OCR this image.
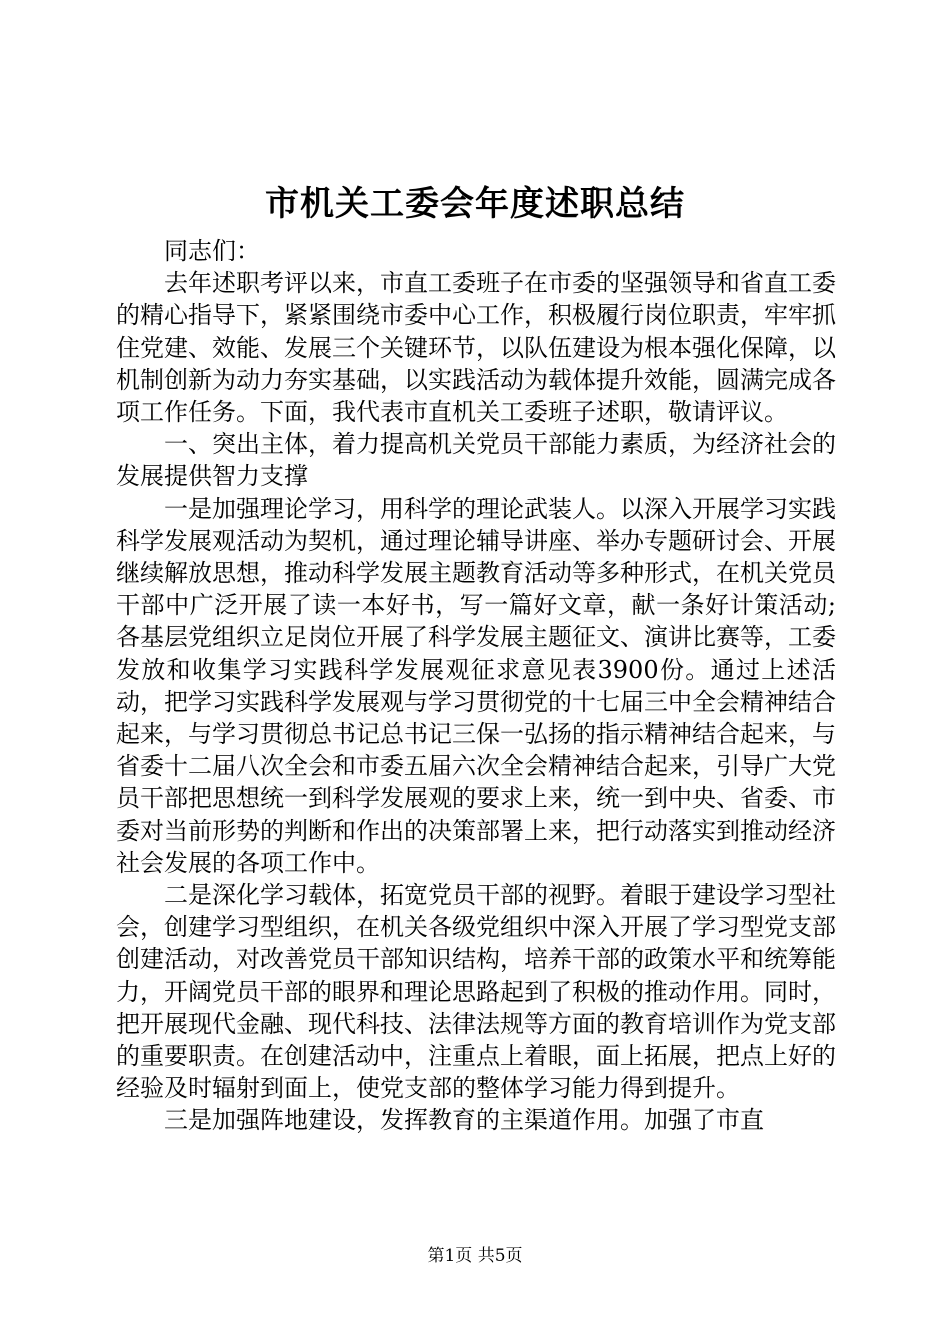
市机关工委会年度述职总结

同志们：

去年述职考评以来，市直工委班子在市委的坚强领导和省直工委的精心指导下，紧紧围绕市委中心工作，积极履行岗位职责，牢牢抓住党建、效能、发展三个关键环节，以队伍建设为根本强化保障，以机制创新为动力夯实基础，以实践活动为载体提升效能，圆满完成各项工作任务。下面，我代表市直机关工委班子述职，敬请评议。

一、突出主体，着力提高机关党员干部能力素质，为经济社会的发展提供智力支撑

一是加强理论学习，用科学的理论武装人。以深入开展学习实践科学发展观活动为契机，通过理论辅导讲座、举办专题研讨会、开展继续解放思想，推动科学发展主题教育活动等多种形式，在机关党员干部中广泛开展了读一本好书，写一篇好文章，献一条好计策活动;各基层党组织立足岗位开展了科学发展主题征文、演讲比赛等，工委发放和收集学习实践科学发展观征求意见表3900份。通过上述活动，把学习实践科学发展观与学习贯彻党的十七届三中全会精神结合起来，与学习贯彻总书记总书记三保一弘扬的指示精神结合起来，与省委十二届八次全会和市委五届六次全会精神结合起来，引导广大党员干部把思想统一到科学发展观的要求上来，统一到中央、省委、市委对当前形势的判断和作出的决策部署上来，把行动落实到推动经济社会发展的各项工作中。

二是深化学习载体，拓宽党员干部的视野。着眼于建设学习型社会，创建学习型组织，在机关各级党组织中深入开展了学习型党支部创建活动，对改善党员干部知识结构，培养干部的政策水平和统筹能力，开阔党员干部的眼界和理论思路起到了积极的推动作用。同时，把开展现代金融、现代科技、法律法规等方面的教育培训作为党支部的重要职责。在创建活动中，注重点上着眼，面上拓展，把点上好的经验及时辐射到面上，使党支部的整体学习能力得到提升。

三是加强阵地建设，发挥教育的主渠道作用。加强了市直

第1页 共5页
